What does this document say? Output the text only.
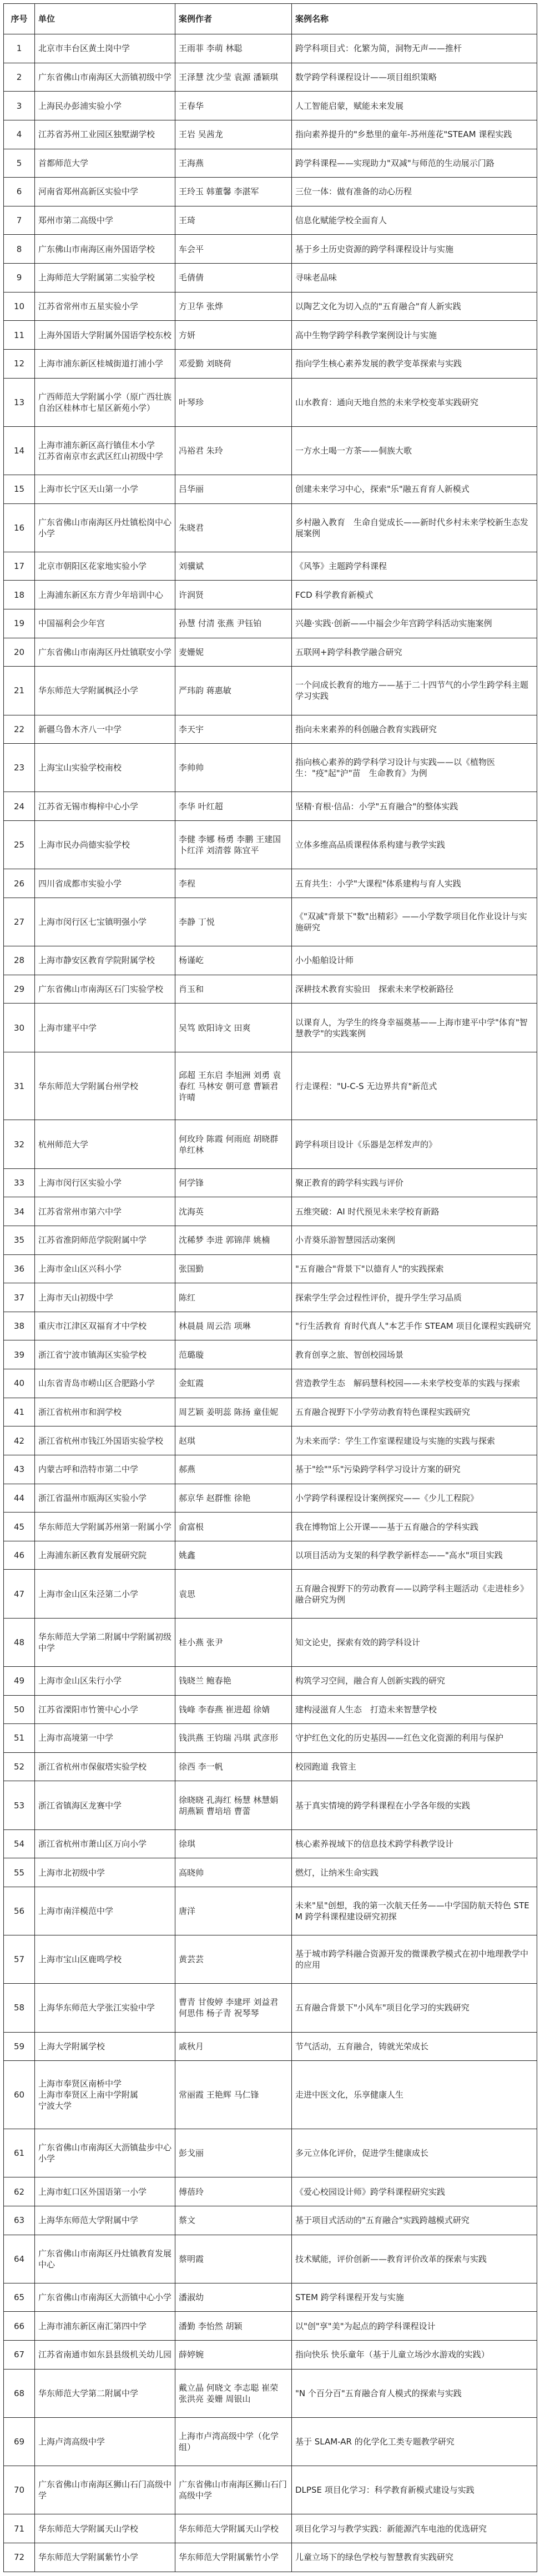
序号	单位	案例作者	案例名称
1	北京市丰台区黄土岗中学	王雨菲 李萌 林聪	跨学科项目式：化繁为简，洞物无声——推杆

2	广东省佛山市南海区大沥镇初级中学	王泽慧 沈少莹 袁源 潘颖琪	数学跨学科课程设计——项目组织策略

3	上海民办彭浦实验小学	王春华	人工智能启蒙，赋能未来发展

4	江苏省苏州工业园区独墅湖学校	王岩 吴茜龙	指向素养提升的"乡愁里的童年-苏州莲花"STEAM 课程实践

5	首都师范大学	王海燕	跨学科课程——实现助力"双减"与师范的生动展示门路

6	河南省郑州高新区实验中学	王玲玉 韩董馨 李湛军	三位一体：做有准备的动心历程

7	郑州市第二高级中学	王琦	信息化赋能学校全面育人

8	广东佛山市南海区南外国语学校	车会平	基于乡土历史资源的跨学科课程设计与实施

9	上海师范大学附属第二实验学校	毛倩倩	寻味老品味

10	江苏省常州市五星实验小学	方卫华 张烨	以陶艺文化为切入点的"五育融合"育人新实践

11	上海外国语大学附属外国语学校东校	方妍	高中生物学跨学科教学案例设计与实施

12	上海市浦东新区桂城街道打浦小学	邓爱勤 刘晓荷	指向学生核心素养发展的教学变革探索与实践

13	广西师范大学附属小学（原广西壮族自治区桂林市七星区新苑小学）	叶琴珍	山水教育：通向天地自然的未来学校变革实践研究

14	上海市浦东新区高行镇佳木小学
江苏省南京市玄武区红山初级中学	冯裕君 朱玲	一方水土喝一方茶——侗族大歌

15	上海市长宁区天山第一小学	吕华丽	创建未来学习中心，探索"乐"融五育育人新模式

16	广东省佛山市南海区丹灶镇松岗中心小学	朱晓君	乡村融入教育　生命自觉成长——新时代乡村未来学校新生态发展案例

17	北京市朝阳区花家地实验小学	刘骥斌	《风筝》主题跨学科课程

18	上海浦东新区东方青少年培训中心	许润贤	FCD 科学教育新模式

19	中国福利会少年宫	孙慧 付清 张燕 尹钰铂	兴趣·实践·创新——中福会少年宫跨学科活动实施案例

20	广东省佛山市南海区丹灶镇联安小学	麦姗妮	五联网+跨学科教学融合研究

21	华东师范大学附属枫泾小学	严玮韵 蒋惠敏	一个问成长教育的地方——基于二十四节气的小学生跨学科主题学习实践

22	新疆乌鲁木齐八一中学	李天宇	指向未来素养的科创融合教育实践研究

23	上海宝山实验学校南校	李帅帅	指向核心素养的跨学科学习设计与实践——以《植物医生："疫"起"沪"苗　生命教育》为例

24	江苏省无锡市梅梓中心小学	李华 叶红超	坚精·育根·信品：小学"五育融合"的整体实践

25	上海市民办尚德实验学校	李健 李娜 杨勇 李鹏 王建国 卜红洋 刘清蓉 陈宜平	立体多维高品质课程体系构建与教学实践

26	四川省成都市实验小学	李程	五育共生：小学"大课程"体系建构与育人实践

27	上海市闵行区七宝镇明强小学	李静 丁悦	《"双减"背景下"数"出精彩》——小学数学项目化作业设计与实施研究

28	上海市静安区教育学院附属学校	杨谨屹	小小船舶设计师

29	广东省佛山市南海区石门实验学校	肖玉和	深耕技术教育实验田　探索未来学校新路径

30	上海市建平中学	吴笃 欧阳诗文 田爽	以课育人，为学生的终身幸福奠基——上海市建平中学"体育"智慧教学"的实践案例

31	华东师范大学附属台州学校	邱超 王东启 李旭洲 刘勇 袁春红 马林安 朝可意 曹颖君 许晴	行走课程："U-C-S 无边界共育"新范式

32	杭州师范大学	何玫玲 陈霞 何雨庭 胡晓群 单红林	跨学科项目设计《乐器是怎样发声的》

33	上海市闵行区实验小学	何学锋	聚正教育的跨学科实践与评价

34	江苏省常州市第六中学	沈海英	五维突破：AI 时代预见未来学校育新路

35	江苏省淮阴师范学院附属中学	沈稀梦 李进 郭锦萍 姚楠	小青葵乐游智慧园活动案例

36	上海市金山区兴科小学	张国勤	"五育融合"背景下"以德育人"的实践探索

37	上海市天山初级中学	陈红	探索学生学会过程性评价，提升学生学习品质

38	重庆市江津区双福育才中学校	林晨晨 周云浩 项琳	"行生活教育 育时代真人"本艺手作 STEAM 项目化课程实践研究

39	浙江省宁波市镇海区实验学校	范璐璇	教育创享之旅、智创校园场景

40	山东省青岛市崂山区合肥路小学	金虹霞	营造教学生态　解码慧科校园——未来学校变革的实践与探索

41	浙江省杭州市和润学校	周艺颖 姜明蕊 陈扬 童佳妮	五育融合视野下小学劳动教育特色课程实践研究

42	浙江省杭州市钱江外国语实验学校	赵琪	为未来而学：学生工作室课程建设与实施的实践与探索

43	内蒙古呼和浩特市第二中学	郝燕	基于"绘""乐"污染跨学科学习设计方案的研究

44	浙江省温州市瓯海区实验小学	郝京华 赵群惟 徐艳	小学跨学科课程设计案例探究——《少儿工程院》

45	华东师范大学附属苏州第一附属小学	俞富根	我在博物馆上公开课——基于五育融合的学科实践

46	上海浦东新区教育发展研究院	姚鑫	以项目活动为支架的科学教学新样态——"高水"项目实践

47	上海市金山区朱泾第二小学	袁思	五育融合视野下的劳动教育——以跨学科主题活动《走进桂乡》融合研究为例

48	华东师范大学第二附属中学附属初级中学	桂小燕 张尹	知文论史，探索有效的跨学科设计

49	上海市金山区朱行小学	钱晓兰 鲍春艳	构筑学习空间，融合育人创新实践的研究

50	江苏省溧阳市竹箦中心小学	钱峰 李春燕 崔进超 徐婧	建构浸滋育人生态　打造未来智慧学校

51	上海市高境第一中学	钱洪燕 王钧瑞 冯琪 武彦形	守护红色文化的历史基因——红色文化资源的利用与保护

52	浙江省杭州市保俶塔实验学校	徐西 李一帆	校园跑道 我管主

53	浙江省镇海区龙赛中学	徐晓晓 孔海红 杨慧 林慧娟 胡燕颖 曹培培 曹蕾	基于真实情境的跨学科课程在小学各年级的实践

54	浙江省杭州市萧山区万向小学	徐琪	核心素养视域下的信息技术跨学科教学设计

55	上海市北初级中学	高晓帅	燃灯，让纳米生命实践

56	上海市南洋模范中学	唐洋	未来"星"创想，我的第一次航天任务——中学国防航天特色 STEM 跨学科课程建设研究初探

57	上海市宝山区鹿鸣学校	黄芸芸	基于城市跨学科融合资源开发的微课教学模式在初中地理教学中的应用

58	上海华东师范大学张江实验中学	曹青 甘俊婷 李建坪 刘益君 何思伟 杨子青 祝琴琴	五育融合背景下"小风车"项目化学习的实践研究

59	上海大学附属学校	戚秋月	节气活动，五育融合，铸就光荣成长

60	上海市奉贤区南桥中学
上海市奉贤区上南中学附属
宁波大学	常丽霞 王艳辉 马仁锋	走进中医文化，乐享健康人生

61	广东省佛山市南海区大沥镇盐步中心小学	彭戈丽	多元立体化评价，促进学生健康成长

62	上海市虹口区外国语第一小学	傅蓓玲	《爱心校园设计师》跨学科课程研究实践

63	上海华东师范大学附属中学	蔡文	基于项目式活动的"五育融合"实践跨越模式研究

64	广东省佛山市南海区丹灶镇教育发展中心	蔡明霞	技术赋能，评价创新——教育评价改革的探索与实践

65	广东省佛山市南海区大沥镇中心小学	潘淑幼	STEM 跨学科课程开发与实施

66	上海市浦东新区南汇第四中学	潘勤 李怡然 胡颖	以"创"享"美"为起点的跨学科课程设计

67	江苏省南通市如东县县级机关幼儿园	薛婷婉	指向快乐 快乐童年（基于儿童立场沙水游戏的实践）

68	华东师范大学第二附属中学	戴立晶 何晓文 李志聪 崔荣 张洪亮 姜姗 周银山	"N 个百分百"五育融合育人模式的探索与实践

69	上海卢湾高级中学	上海市卢湾高级中学（化学组）	基于 SLAM-AR 的化学化工类专题教学研究

70	广东省佛山市南海区狮山石门高级中学	广东省佛山市南海区狮山石门高级中学	DLPSE 项目化学习：科学教育新模式建设与实践

71	华东师范大学附属天山学校	华东师范大学附属天山学校	项目化学习与教学实践：新能源汽车电池的优选研究

72	华东师范大学附属紫竹小学	华东师范大学附属紫竹小学	儿童立场下的绿色学校与智慧教育实践研究
